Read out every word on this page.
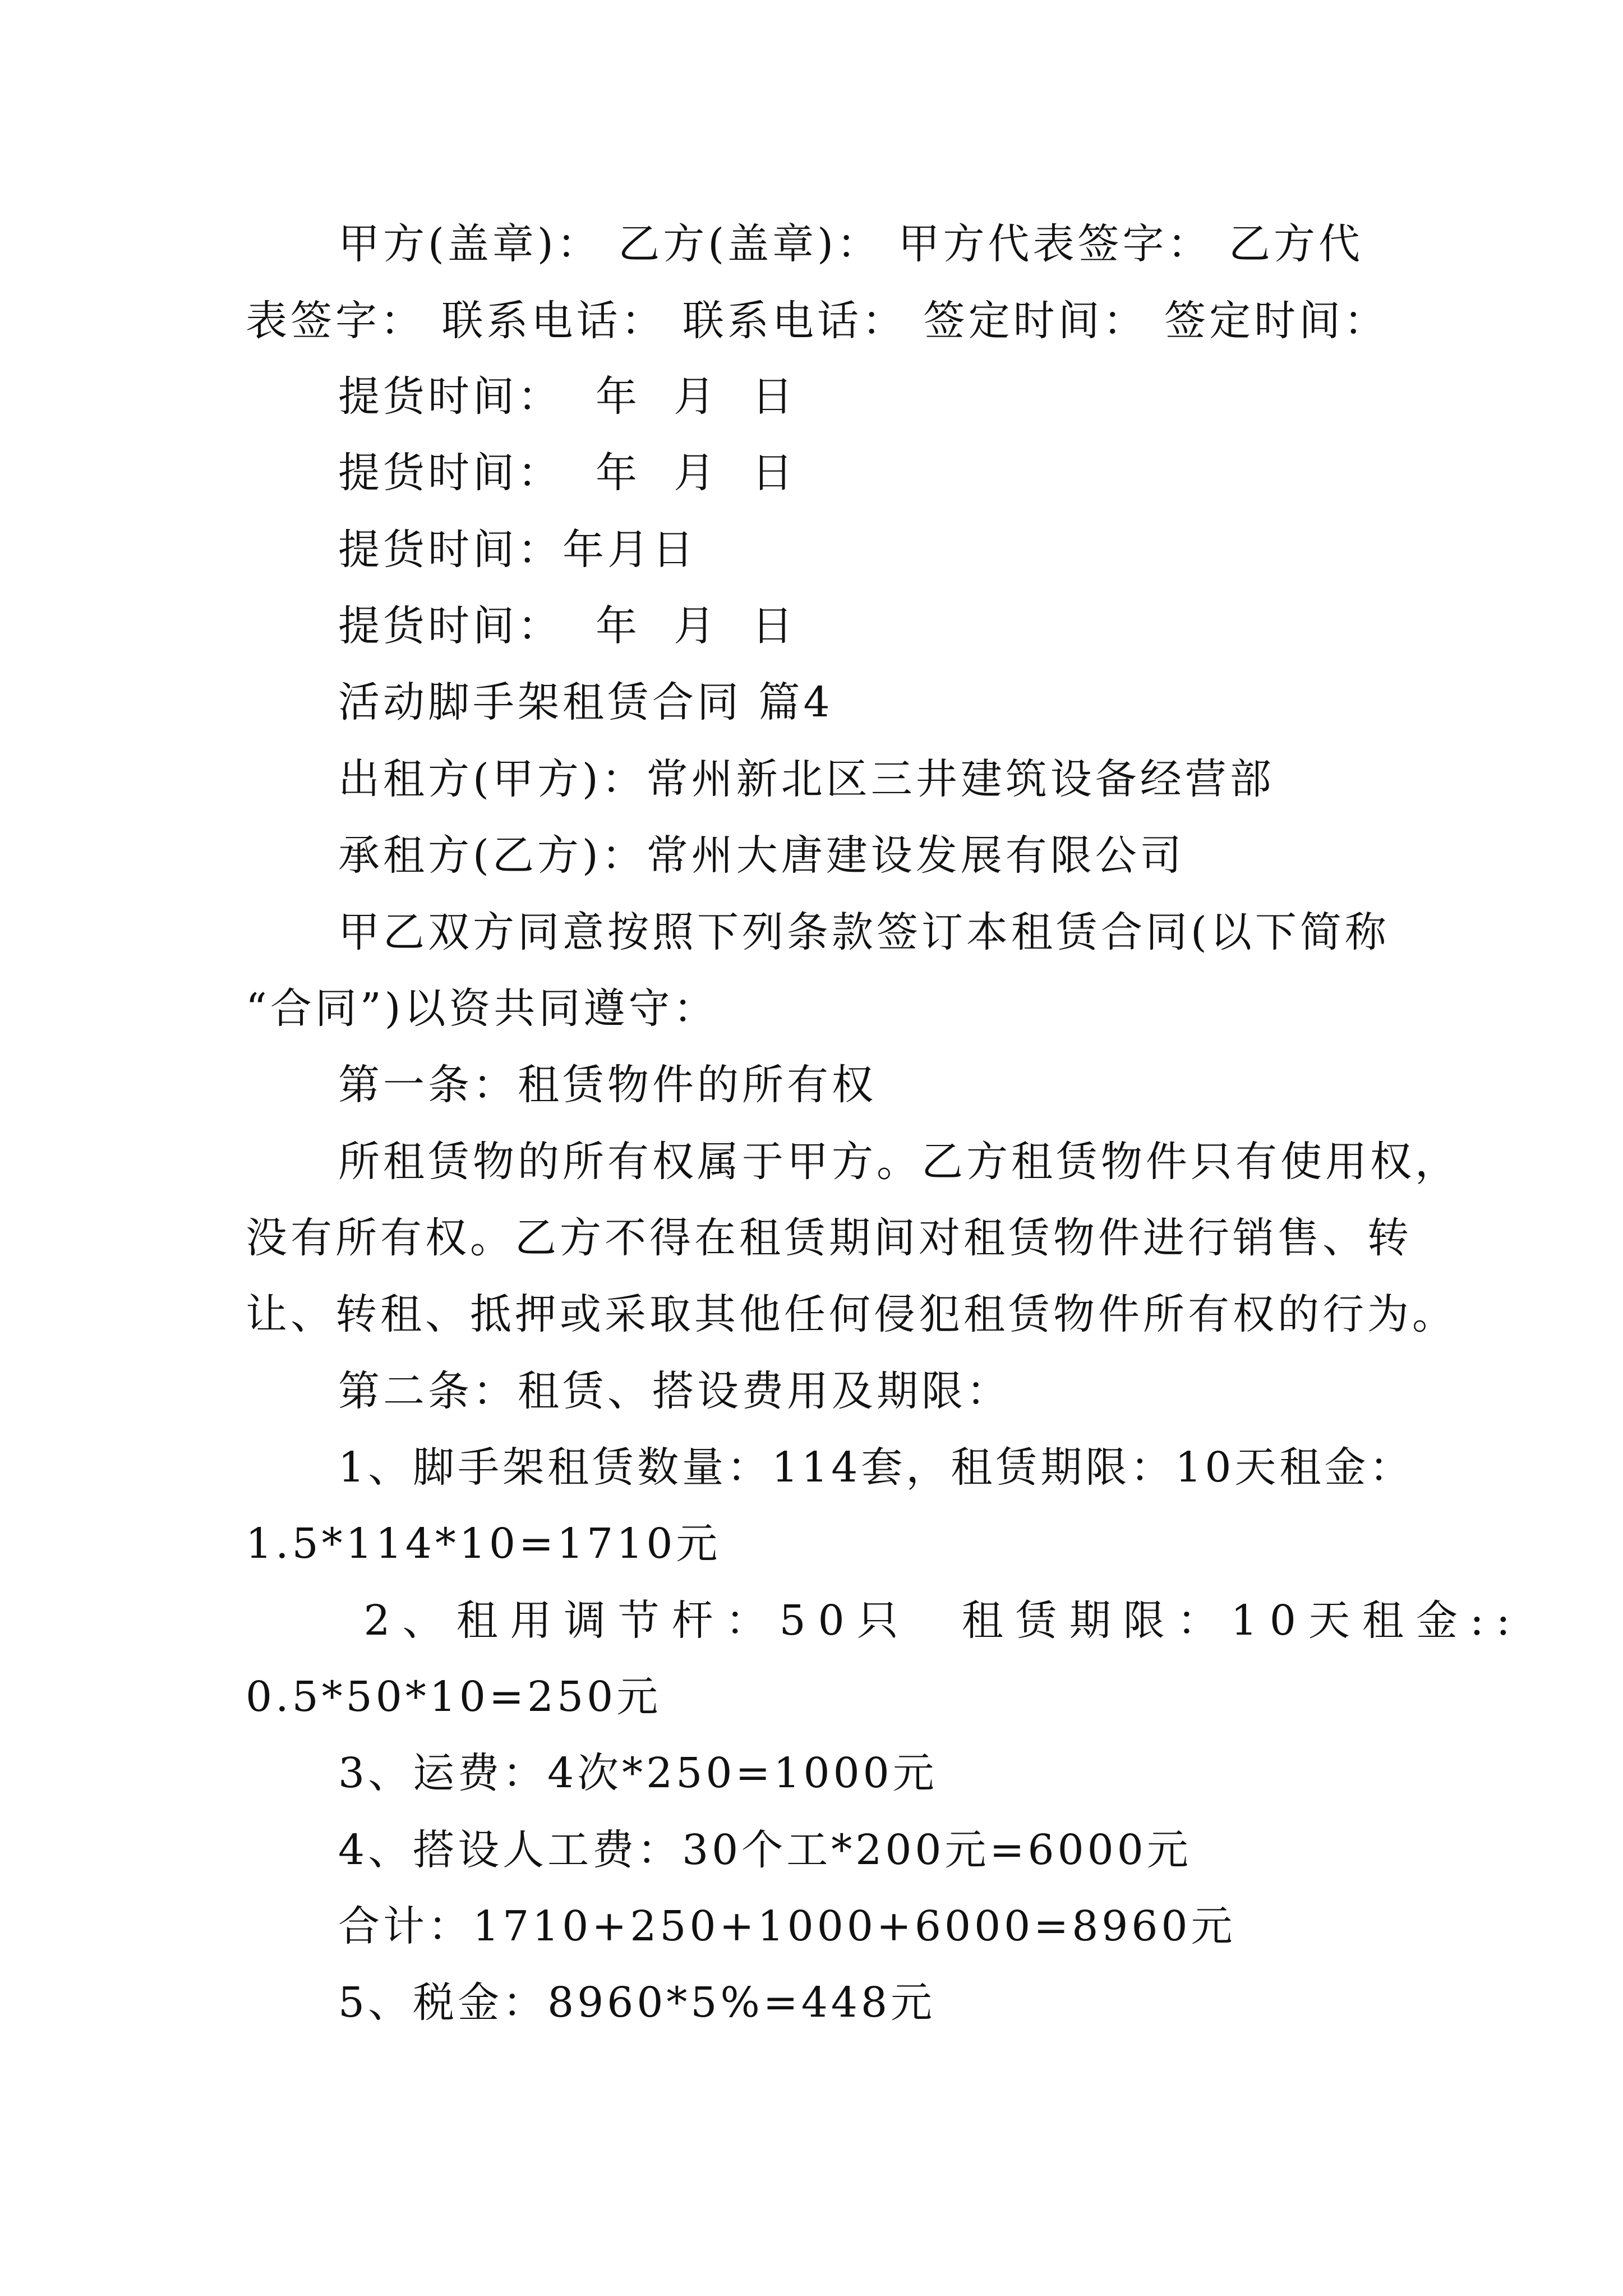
甲方(盖章)： 乙方(盖章)： 甲方代表签字： 乙方代
表签字： 联系电话： 联系电话： 签定时间： 签定时间：
提货时间：  年  月  日
提货时间：  年  月  日
提货时间：年月日
提货时间：  年  月  日
活动脚手架租赁合同 篇4
出租方(甲方)：常州新北区三井建筑设备经营部
承租方(乙方)：常州大唐建设发展有限公司
甲乙双方同意按照下列条款签订本租赁合同(以下简称
“合同”)以资共同遵守：
第一条：租赁物件的所有权
所租赁物的所有权属于甲方。乙方租赁物件只有使用权，
没有所有权。乙方不得在租赁期间对租赁物件进行销售、转
让、转租、抵押或采取其他任何侵犯租赁物件所有权的行为。
第二条：租赁、搭设费用及期限：
1、脚手架租赁数量：114套，租赁期限：10天租金：
1.5*114*10=1710元
2、租用调节杆：50只  租赁期限：10天租金::
0.5*50*10=250元
3、运费：4次*250=1000元
4、搭设人工费：30个工*200元=6000元
合计：1710+250+1000+6000=8960元
5、税金：8960*5%=448元
